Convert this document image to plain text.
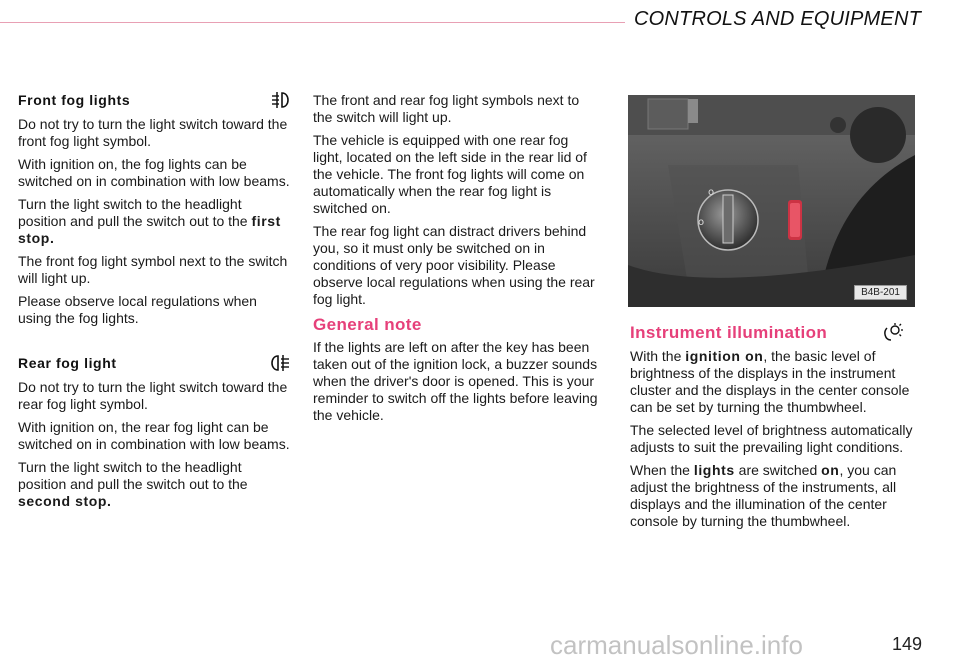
CONTROLS AND EQUIPMENT
Front fog lights

Do not try to turn the light switch toward the front fog light symbol.

With ignition on, the fog lights can be switched on in combination with low beams.

Turn the light switch to the headlight position and pull the switch out to the first stop.

The front fog light symbol next to the switch will light up.

Please observe local regulations when using the fog lights.

Rear fog light

Do not try to turn the light switch toward the rear fog light symbol.

With ignition on, the rear fog light can be switched on in combination with low beams.

Turn the light switch to the headlight position and pull the switch out to the second stop.

The front and rear fog light symbols next to the switch will light up.

The vehicle is equipped with one rear fog light, located on the left side in the rear lid of the vehicle. The front fog lights will come on automatically when the rear fog light is switched on.

The rear fog light can distract drivers behind you, so it must only be switched on in conditions of very poor visibility. Please observe local regulations when using the rear fog light.

General note

If the lights are left on after the key has been taken out of the ignition lock, a buzzer sounds when the driver's door is opened. This is your reminder to switch off the lights before leaving the vehicle.

o
o
B4B-201
Instrument illumination

With the ignition on, the basic level of brightness of the displays in the instrument cluster and the displays in the center console can be set by turning the thumbwheel.

The selected level of brightness automatically adjusts to suit the prevailing light conditions.

When the lights are switched on, you can adjust the brightness of the instruments, all displays and the illumination of the center console by turning the thumbwheel.

carmanualsonline.info	149
